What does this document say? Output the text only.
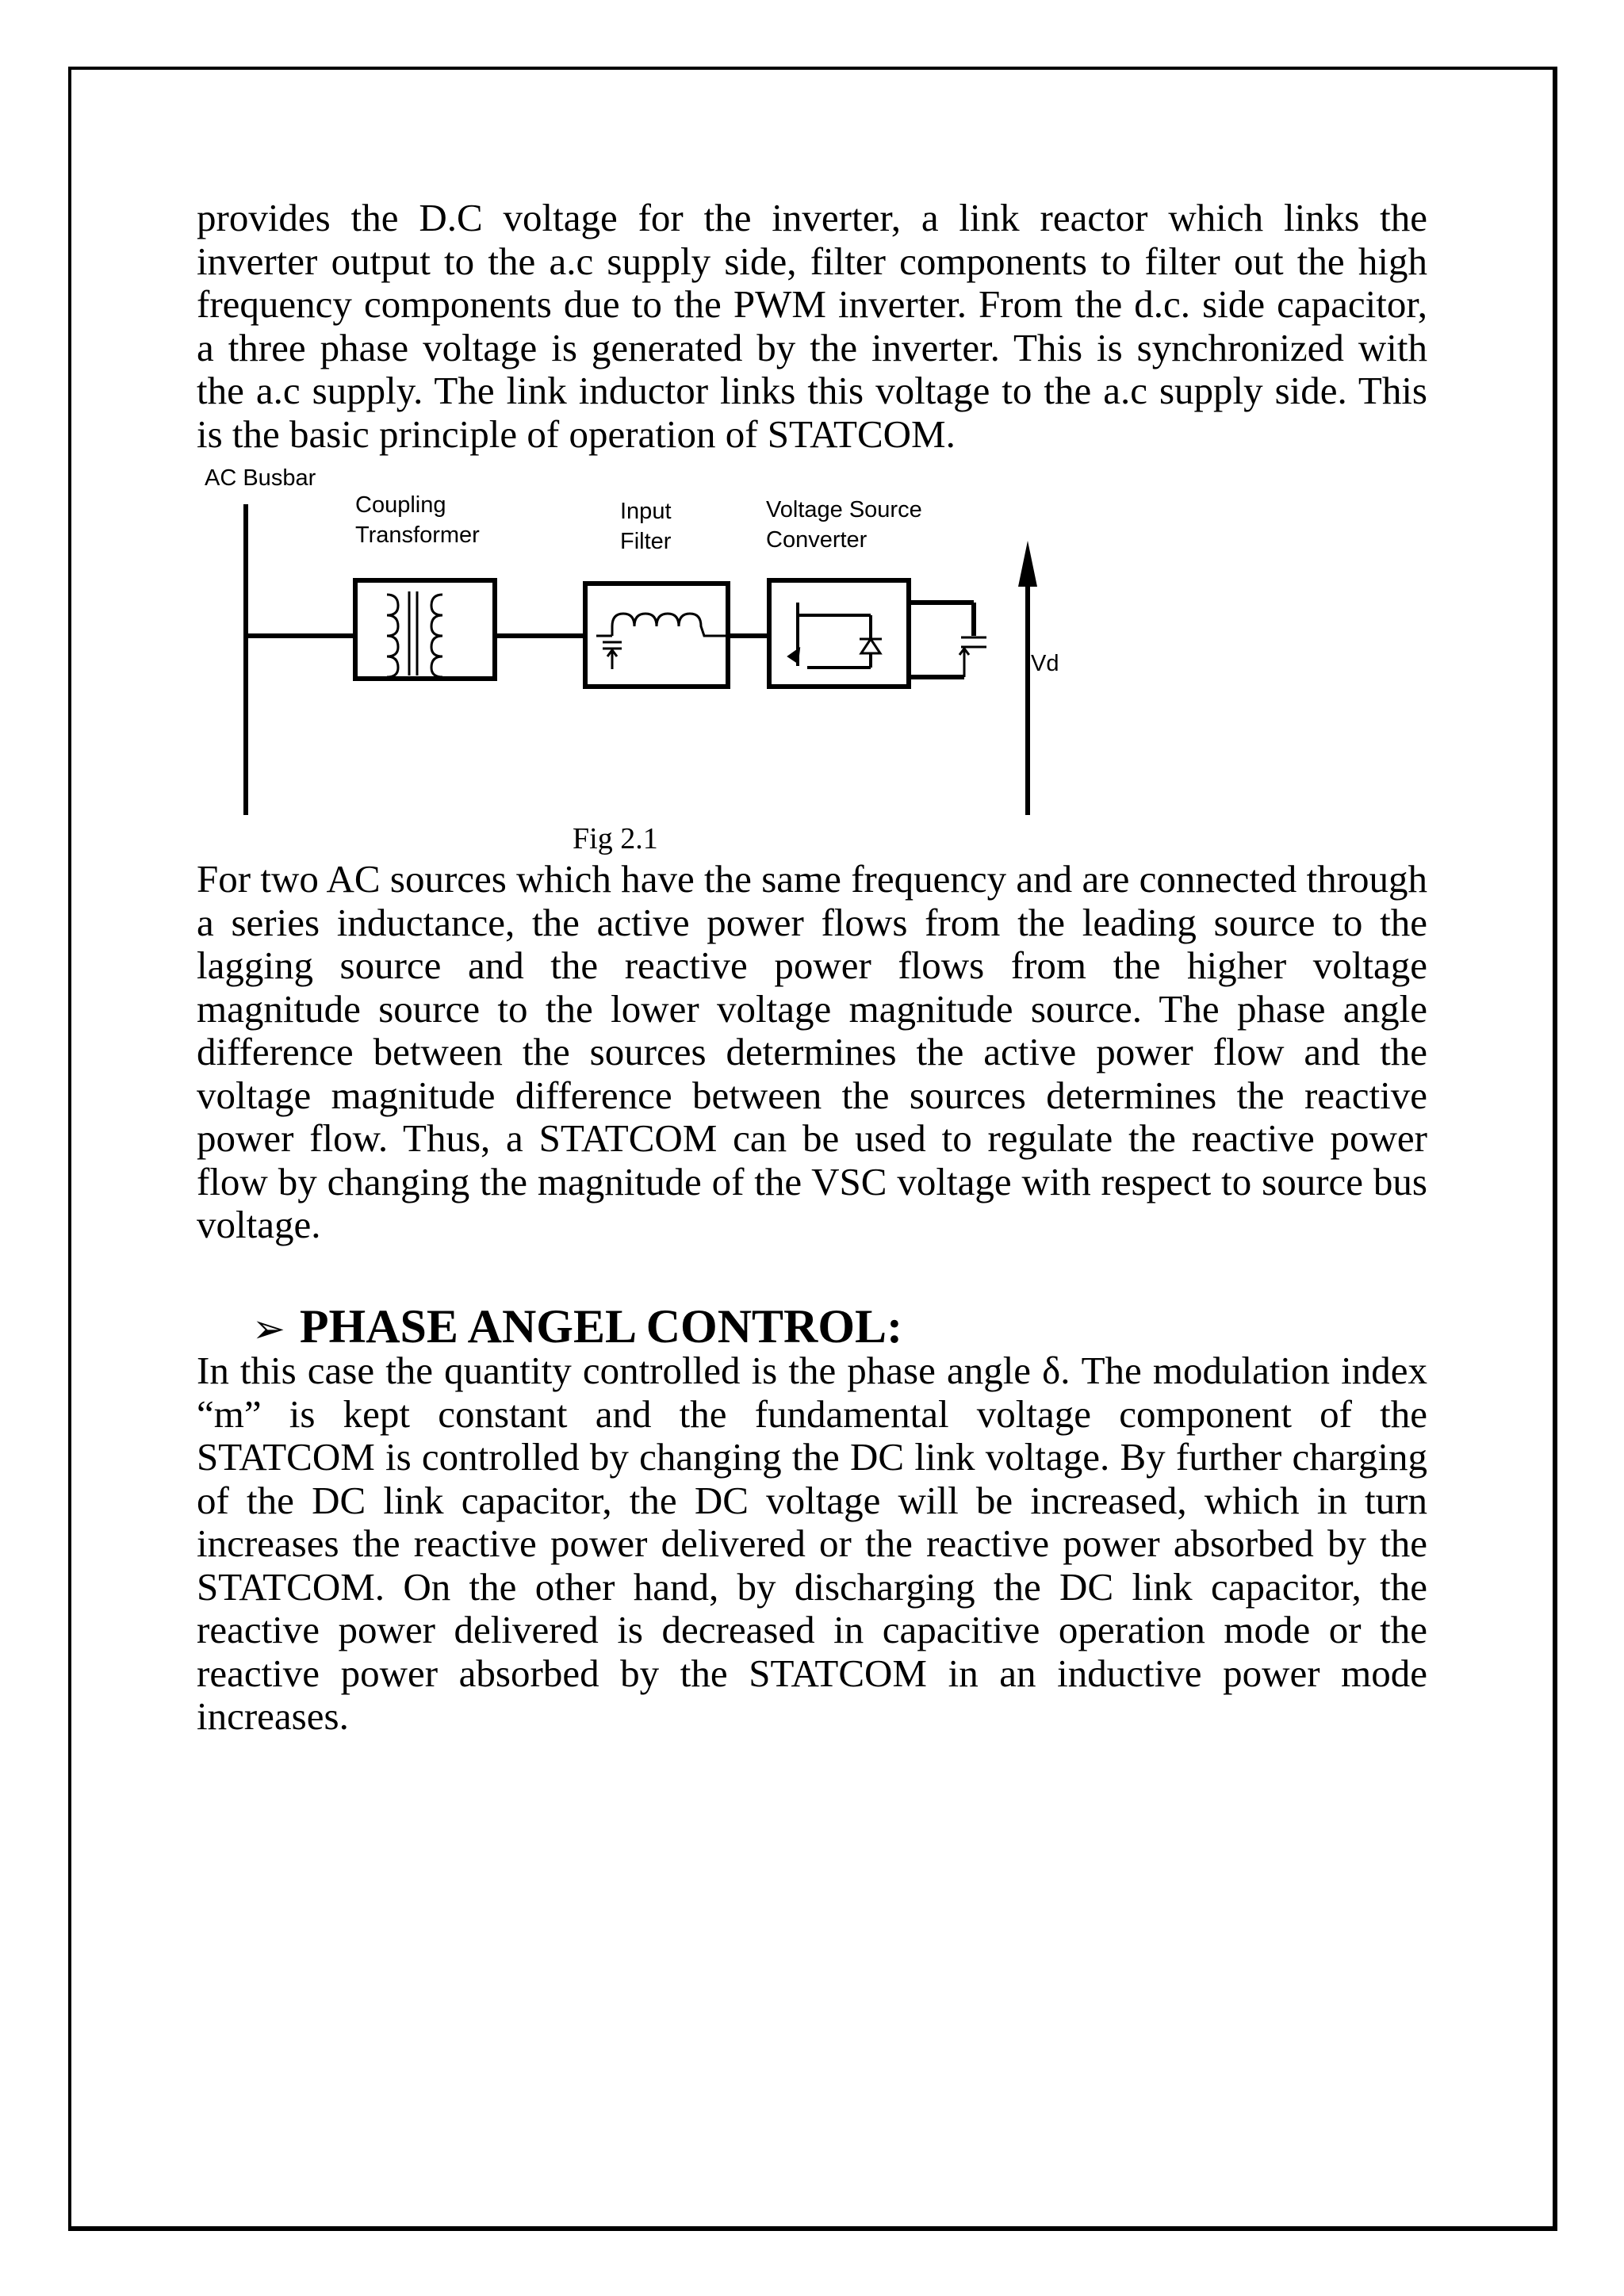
provides the D.C voltage for the inverter, a link reactor which links the inverter output to the a.c supply side, filter components to filter out the high frequency components due to the PWM inverter. From the d.c. side capacitor, a three phase voltage is generated by the inverter. This is synchronized with the a.c supply. The link inductor links this voltage to the a.c supply side. This is the basic principle of operation of STATCOM.

AC Busbar
Coupling
Transformer
Input
Filter
Voltage Source
Converter
Vd

Fig 2.1

For two AC sources which have the same frequency and are connected through a series inductance, the active power flows from the leading source to the lagging source and the reactive power flows from the higher voltage magnitude source to the lower voltage magnitude source. The phase angle difference between the sources determines the active power flow and the voltage magnitude difference between the sources determines the reactive power flow. Thus, a STATCOM can be used to regulate the reactive power flow by changing the magnitude of the VSC voltage with respect to source bus voltage.

➢ PHASE ANGEL CONTROL:

In this case the quantity controlled is the phase angle δ. The modulation index “m” is kept constant and the fundamental voltage component of the STATCOM is controlled by changing the DC link voltage. By further charging of the DC link capacitor, the DC voltage will be increased, which in turn increases the reactive power delivered or the reactive power absorbed by the STATCOM. On the other hand, by discharging the DC link capacitor, the reactive power delivered is decreased in capacitive operation mode or the reactive power absorbed by the STATCOM in an inductive power mode increases.
